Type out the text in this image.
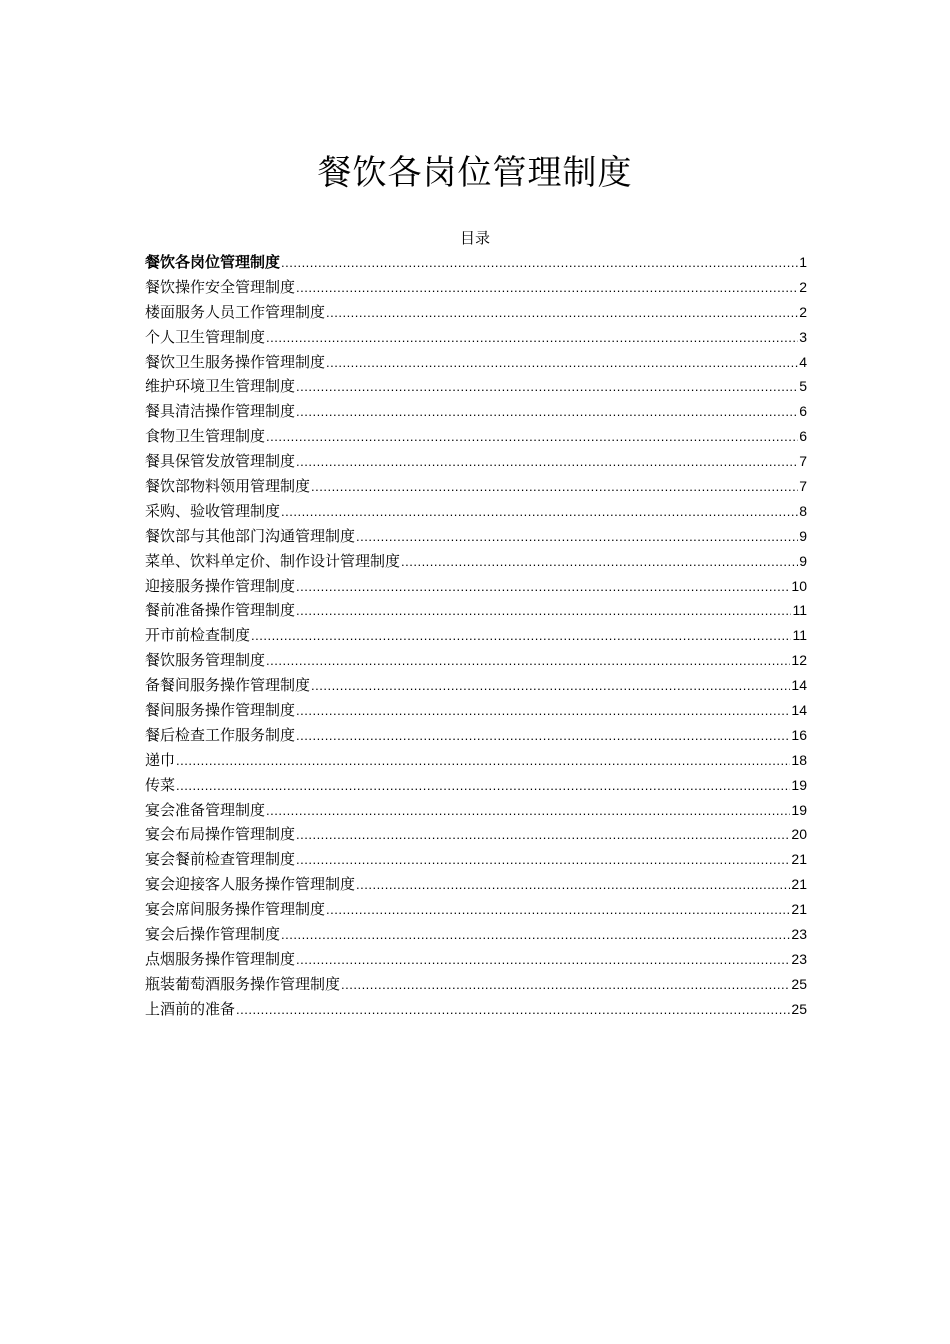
餐饮各岗位管理制度
目录
餐饮各岗位管理制度 .....	1
餐饮操作安全管理制度 .....	2
楼面服务人员工作管理制度 .....	2
个人卫生管理制度 .....	3
餐饮卫生服务操作管理制度 .....	4
维护环境卫生管理制度 .....	5
餐具清洁操作管理制度 .....	6
食物卫生管理制度 .....	6
餐具保管发放管理制度 .....	7
餐饮部物料领用管理制度 .....	7
采购、验收管理制度 .....	8
餐饮部与其他部门沟通管理制度 .....	9
菜单、饮料单定价、制作设计管理制度 .....	9
迎接服务操作管理制度 .....	10
餐前准备操作管理制度 .....	11
开市前检查制度 .....	11
餐饮服务管理制度 .....	12
备餐间服务操作管理制度 .....	14
餐间服务操作管理制度 .....	14
餐后检查工作服务制度 .....	16
递巾 .....	18
传菜 .....	19
宴会准备管理制度 .....	19
宴会布局操作管理制度 .....	20
宴会餐前检查管理制度 .....	21
宴会迎接客人服务操作管理制度 .....	21
宴会席间服务操作管理制度 .....	21
宴会后操作管理制度 .....	23
点烟服务操作管理制度 .....	23
瓶装葡萄酒服务操作管理制度 .....	25
上酒前的准备 .....	25
